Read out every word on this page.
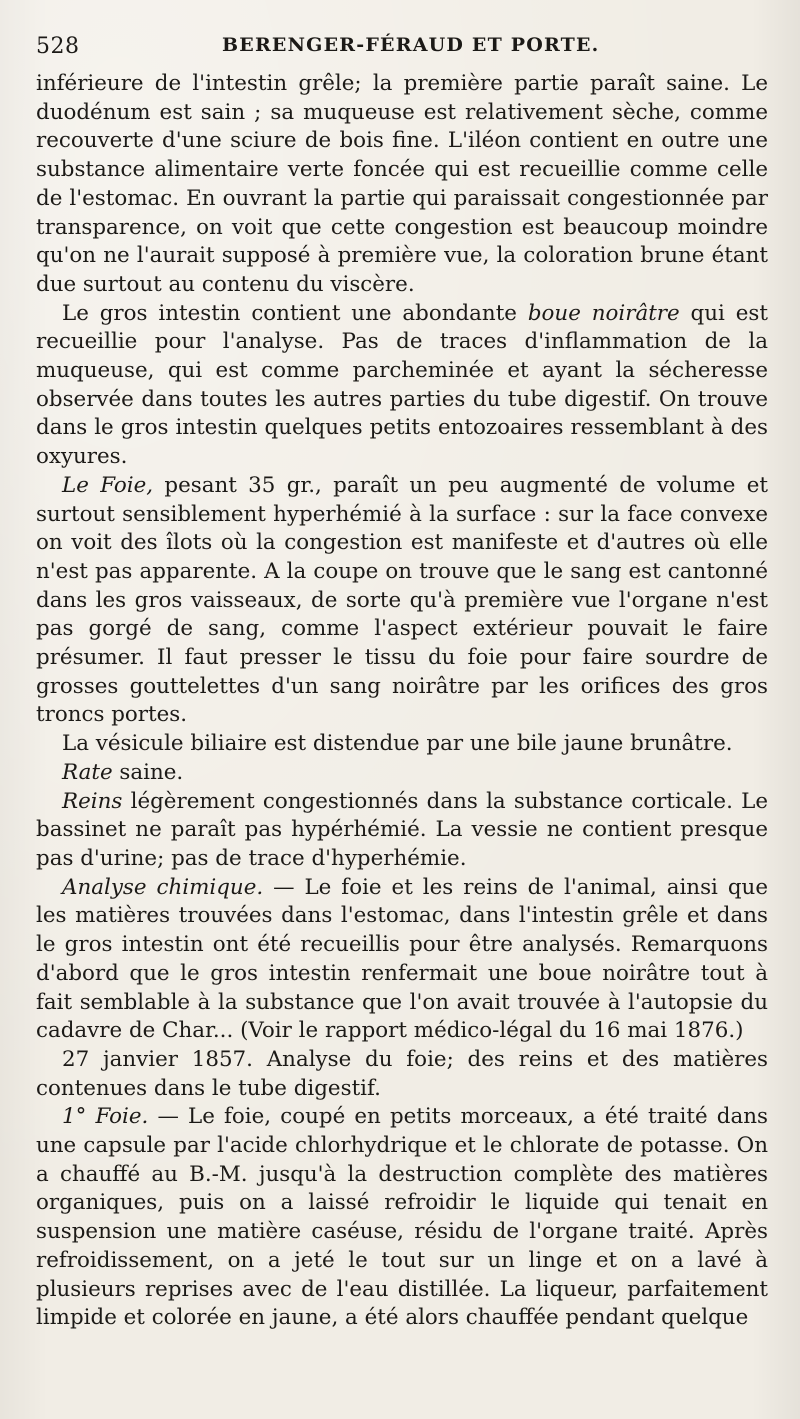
528	BERENGER-FÉRAUD ET PORTE.

inférieure de l'intestin grêle; la première partie paraît saine. Le duodénum est sain ; sa muqueuse est relativement sèche, comme recouverte d'une sciure de bois fine. L'iléon contient en outre une substance alimentaire verte foncée qui est recueillie comme celle de l'estomac. En ouvrant la partie qui paraissait congestionnée par transparence, on voit que cette congestion est beaucoup moindre qu'on ne l'aurait supposé à première vue, la coloration brune étant due surtout au contenu du viscère.

Le gros intestin contient une abondante boue noirâtre qui est recueillie pour l'analyse. Pas de traces d'inflammation de la muqueuse, qui est comme parcheminée et ayant la sécheresse observée dans toutes les autres parties du tube digestif. On trouve dans le gros intestin quelques petits entozoaires ressemblant à des oxyures.

Le Foie, pesant 35 gr., paraît un peu augmenté de volume et surtout sensiblement hyperhémié à la surface : sur la face convexe on voit des îlots où la congestion est manifeste et d'autres où elle n'est pas apparente. A la coupe on trouve que le sang est cantonné dans les gros vaisseaux, de sorte qu'à première vue l'organe n'est pas gorgé de sang, comme l'aspect extérieur pouvait le faire présumer. Il faut presser le tissu du foie pour faire sourdre de grosses gouttelettes d'un sang noirâtre par les orifices des gros troncs portes.

La vésicule biliaire est distendue par une bile jaune brunâtre.

Rate saine.

Reins légèrement congestionnés dans la substance corticale. Le bassinet ne paraît pas hypérhémié. La vessie ne contient presque pas d'urine; pas de trace d'hyperhémie.

Analyse chimique. — Le foie et les reins de l'animal, ainsi que les matières trouvées dans l'estomac, dans l'intestin grêle et dans le gros intestin ont été recueillis pour être analysés. Remarquons d'abord que le gros intestin renfermait une boue noirâtre tout à fait semblable à la substance que l'on avait trouvée à l'autopsie du cadavre de Char... (Voir le rapport médico-légal du 16 mai 1876.)

27 janvier 1857. Analyse du foie; des reins et des matières contenues dans le tube digestif.

1° Foie. — Le foie, coupé en petits morceaux, a été traité dans une capsule par l'acide chlorhydrique et le chlorate de potasse. On a chauffé au B.-M. jusqu'à la destruction complète des matières organiques, puis on a laissé refroidir le liquide qui tenait en suspension une matière caséuse, résidu de l'organe traité. Après refroidissement, on a jeté le tout sur un linge et on a lavé à plusieurs reprises avec de l'eau distillée. La liqueur, parfaitement limpide et colorée en jaune, a été alors chauffée pendant quelque
